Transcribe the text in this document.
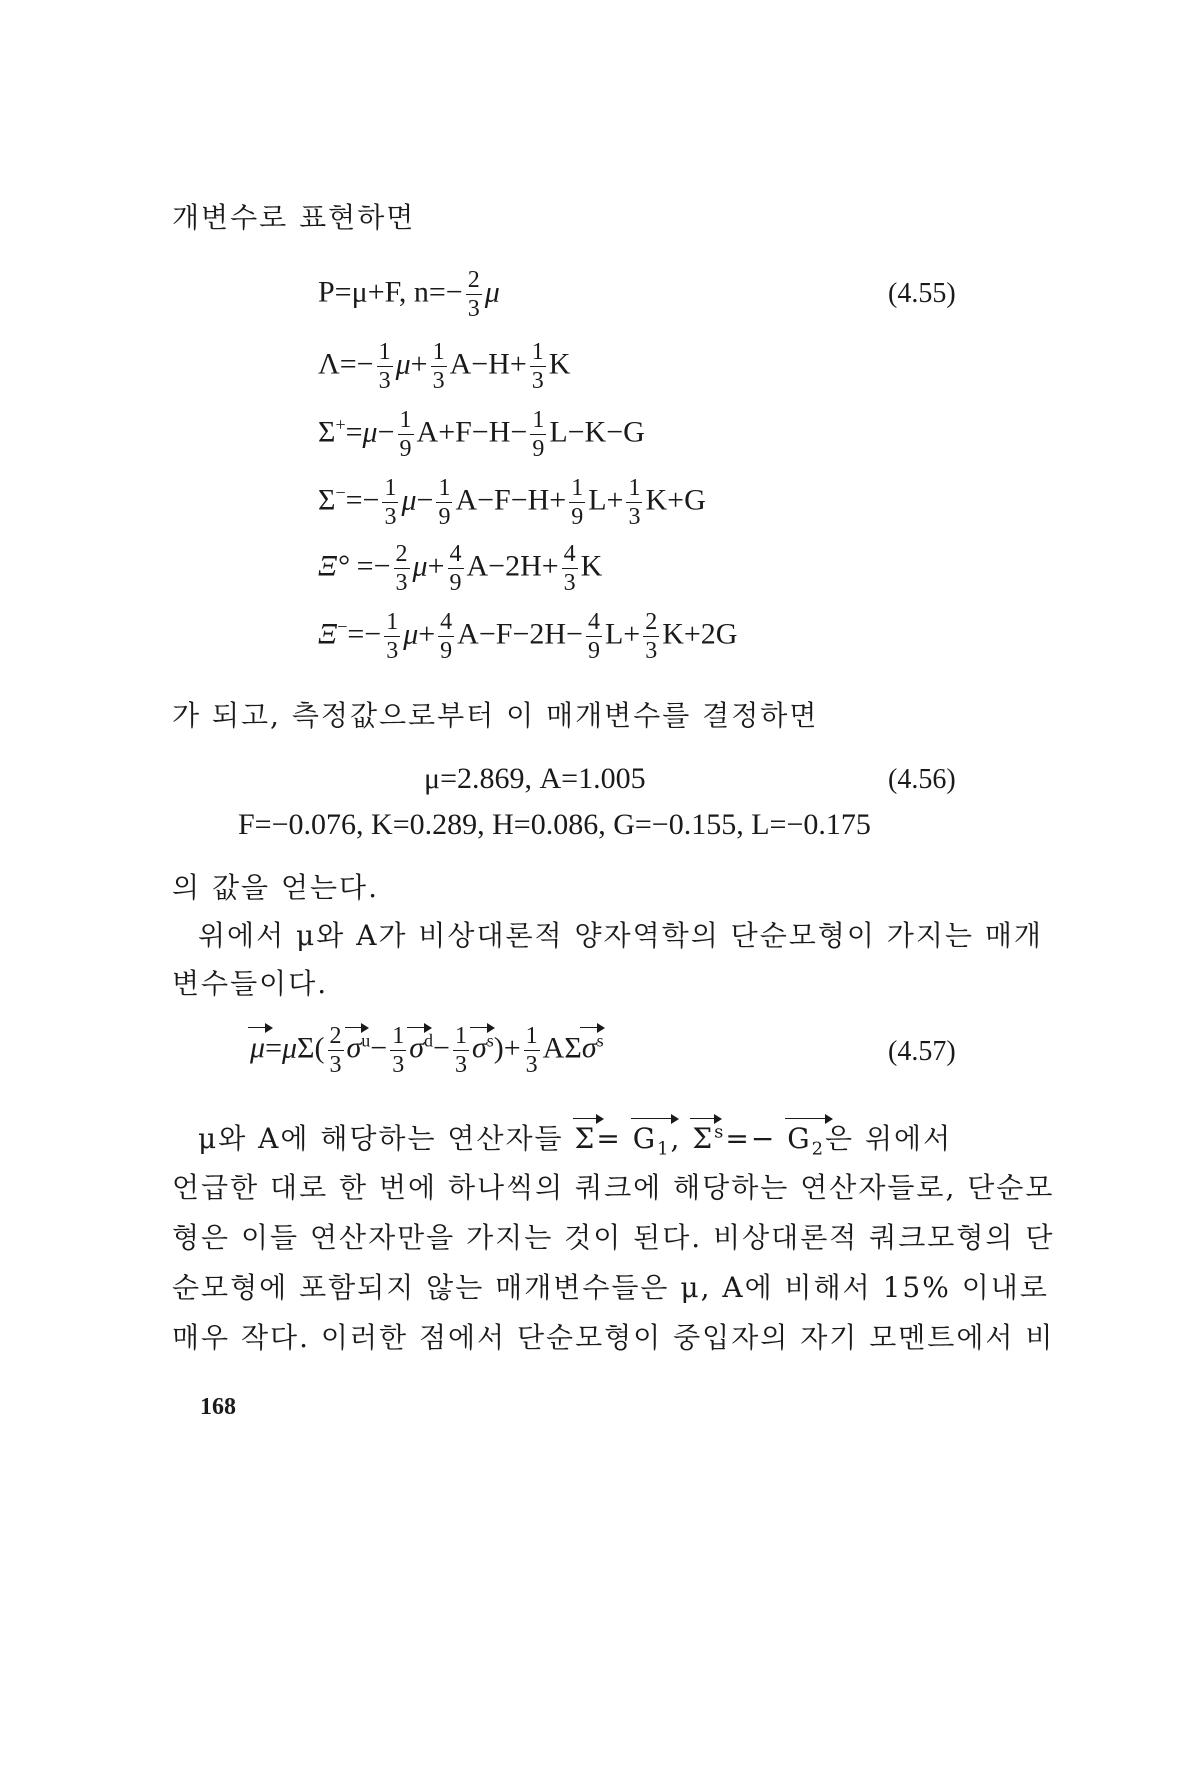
개변수로 표현하면
P=μ+F, $n=- \frac{2}{3}$ μ	(4.55)
$\Lambda=- \frac{1}{3} \mu+ \frac{1}{3} A-H+ \frac{1}{3}$ K
$\Sigma^+=\mu- \frac{1}{9} A+F-H- \frac{1}{9} L-K-G$
$\Sigma^-=- \frac{1}{3} \mu- \frac{1}{9} A-F-H+ \frac{1}{9} L+ \frac{1}{3} K+G$
$\Xi^\circ =- \frac{2}{3} \mu+ \frac{4}{9} A-2H+ \frac{4}{3}$ K
$\Xi^-=- \frac{1}{3} \mu+ \frac{4}{9} A-F-2H- \frac{4}{9} L+ \frac{2}{3} K+2G$
가 되고, 측정값으로부터 이 매개변수를 결정하면
μ=2.869, A=1.005	(4.56)
F=−0.076, K=0.289, H=0.086, G=−0.155, L=−0.175
의 값을 얻는다.
위에서 μ와 A가 비상대론적 양자역학의 단순모형이 가지는 매개
변수들이다.
$\mu=\mu\Sigma( \frac{2}{3} \sigma^u- \frac{1}{3} \sigma^d- \frac{1}{3} \sigma^s)+ \frac{1}{3} A\Sigma\sigma^s$	(4.57)
μ와 A에 해당하는 연산자들 $\Sigma= G_1$, $\Sigma^s=- G_2$은 위에서
언급한 대로 한 번에 하나씩의 쿼크에 해당하는 연산자들로, 단순모
형은 이들 연산자만을 가지는 것이 된다. 비상대론적 쿼크모형의 단
순모형에 포함되지 않는 매개변수들은 μ, A에 비해서 15% 이내로
매우 작다. 이러한 점에서 단순모형이 중입자의 자기 모멘트에서 비
168
